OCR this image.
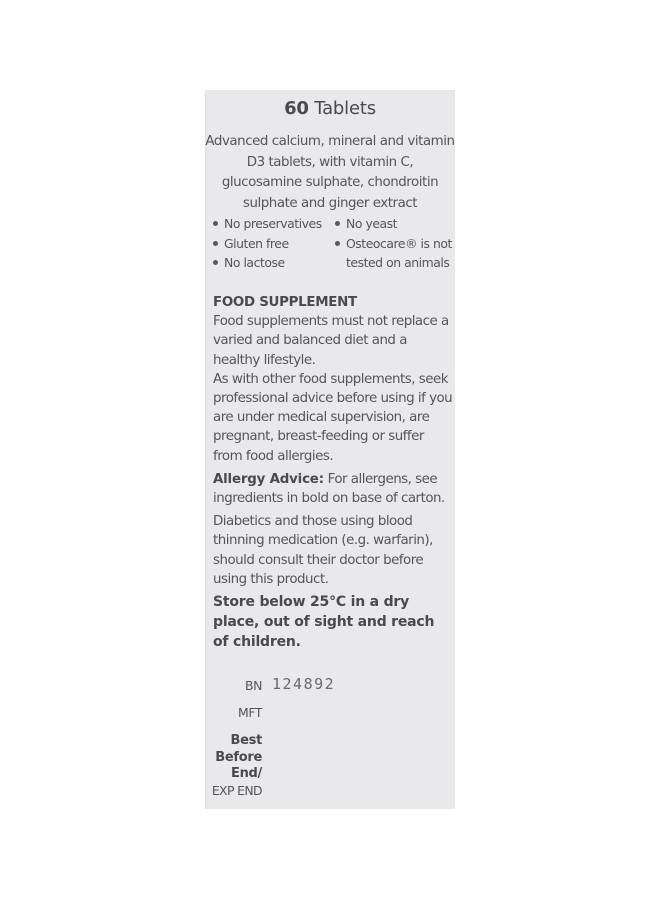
60 Tablets
Advanced calcium, mineral and vitamin D3 tablets, with vitamin C, glucosamine sulphate, chondroitin sulphate and ginger extract
No preservatives
Gluten free
No lactose
No yeast
Osteocare® is not tested on animals
FOOD SUPPLEMENT

Food supplements must not replace a varied and balanced diet and a healthy lifestyle.

As with other food supplements, seek professional advice before using if you are under medical supervision, are pregnant, breast-feeding or suffer from food allergies.

Allergy Advice: For allergens, see ingredients in bold on base of carton.

Diabetics and those using blood thinning medication (e.g. warfarin), should consult their doctor before using this product.

Store below 25°C in a dry place, out of sight and reach of children.

BN 124892
MFT
Best
Before
End/
EXP END
